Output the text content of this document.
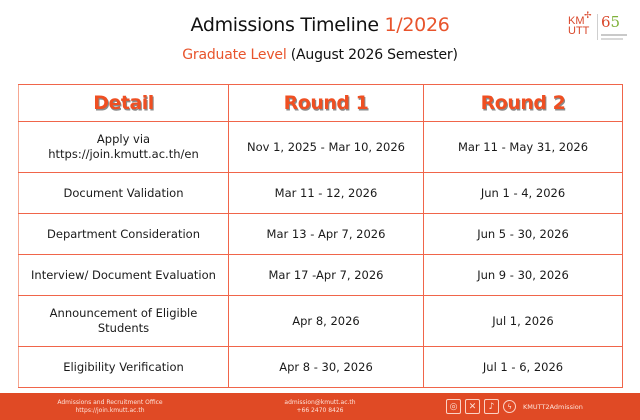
Admissions Timeline 1/2026
Graduate Level (August 2026 Semester)
✢
KM
UTT 65
Detail	Round 1	Round 2

Apply via
https://join.kmutt.ac.th/en	Nov 1, 2025 - Mar 10, 2026	Mar 11 - May 31, 2026
Document Validation	Mar 11 - 12, 2026	Jun 1 - 4, 2026
Department Consideration	Mar 13 - Apr 7, 2026	Jun 5 - 30, 2026
Interview/ Document Evaluation	Mar 17 -Apr 7, 2026	Jun 9 - 30, 2026

Announcement of Eligible
Students	Apr 8, 2026	Jul 1, 2026
Eligibility Verification	Apr 8 - 30, 2026	Jul 1 - 6, 2026
Admissions and Recruitment Office
https://join.kmutt.ac.th
admission@kmutt.ac.th
+66 2470 8426	◎	✕	♪	ϟ	KMUTT2Admission
